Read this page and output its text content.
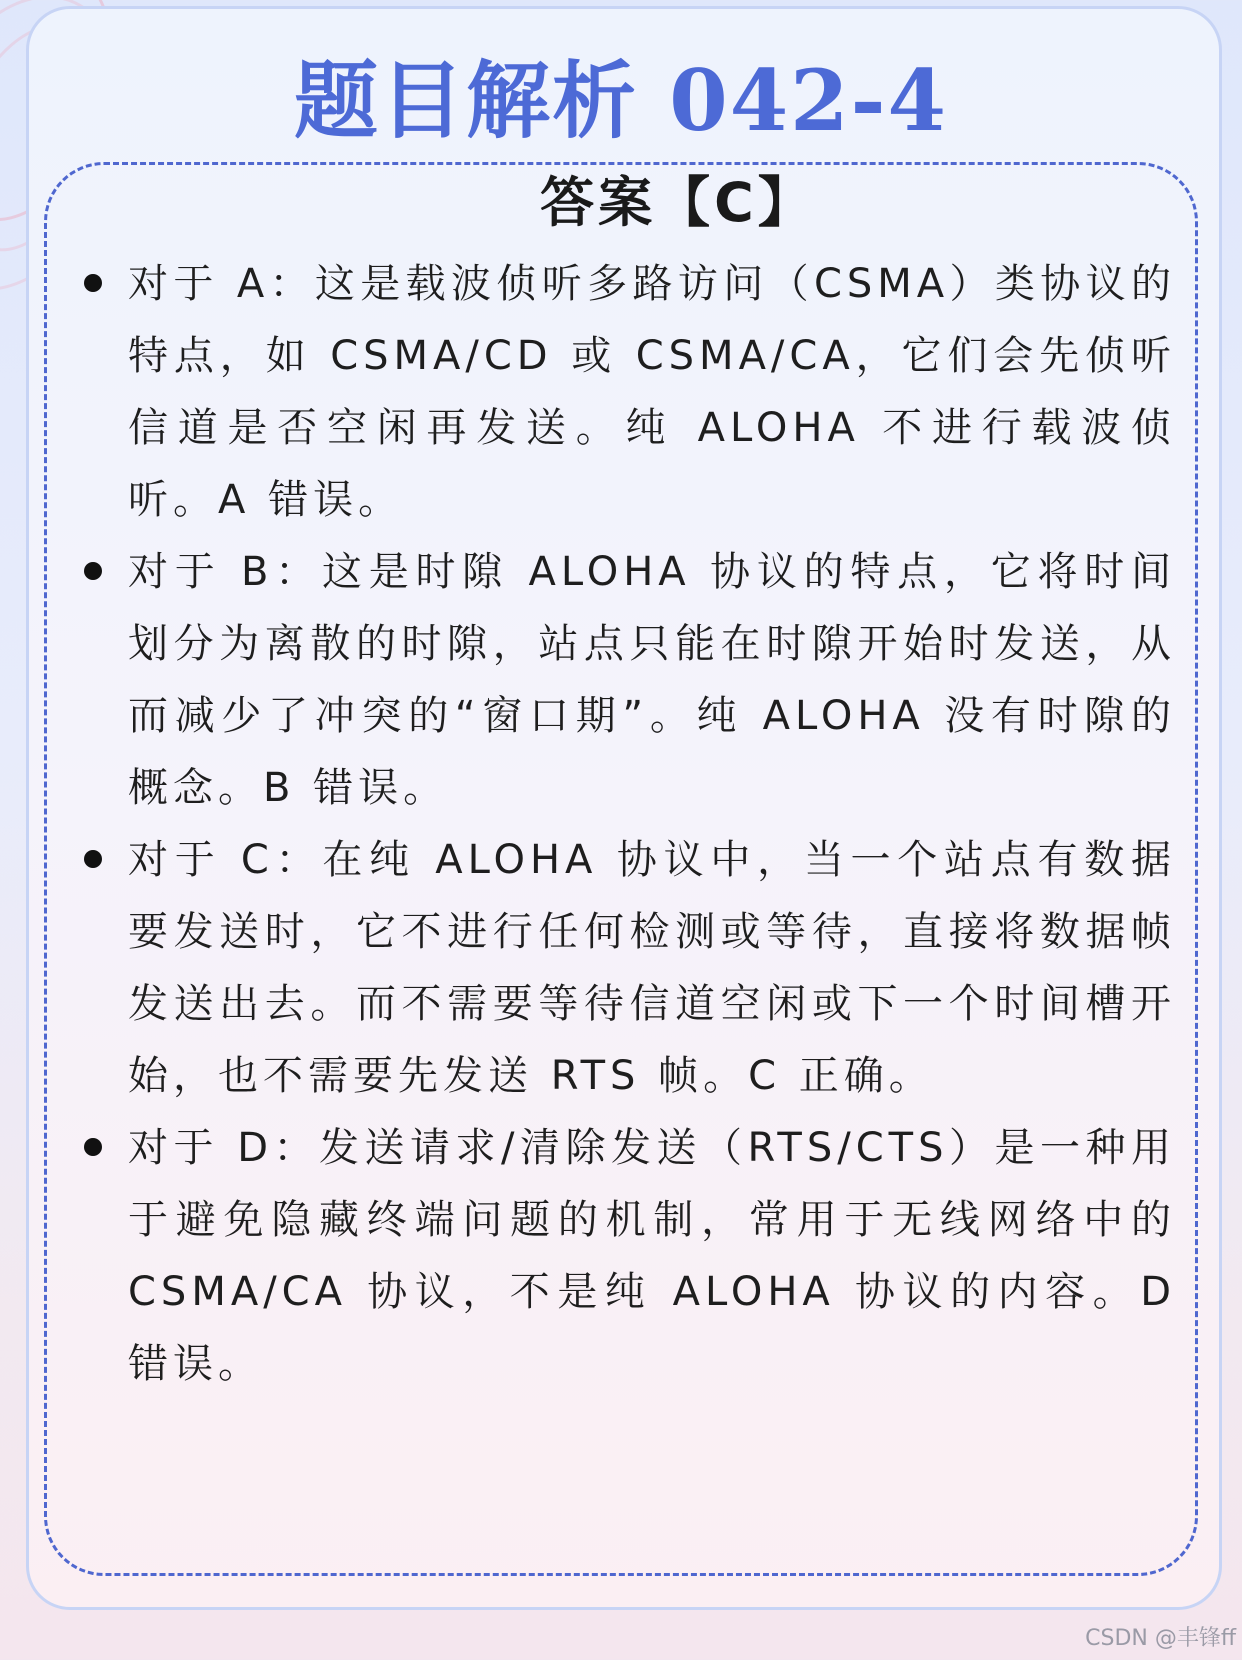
题目解析 042-4
答案【C】
对于 A：这是载波侦听多路访问（CSMA）类协议的特点，如 CSMA/CD 或 CSMA/CA，它们会先侦听信道是否空闲再发送。纯 ALOHA 不进行载波侦听。A 错误。
对于 B：这是时隙 ALOHA 协议的特点，它将时间划分为离散的时隙，站点只能在时隙开始时发送，从而减少了冲突的“窗口期”。纯 ALOHA 没有时隙的概念。B 错误。
对于 C：在纯 ALOHA 协议中，当一个站点有数据要发送时，它不进行任何检测或等待，直接将数据帧发送出去。而不需要等待信道空闲或下一个时间槽开始，也不需要先发送 RTS 帧。C 正确。
对于 D：发送请求/清除发送（RTS/CTS）是一种用于避免隐藏终端问题的机制，常用于无线网络中的 CSMA/CA 协议，不是纯 ALOHA 协议的内容。D 错误。
CSDN @丰锋ff
